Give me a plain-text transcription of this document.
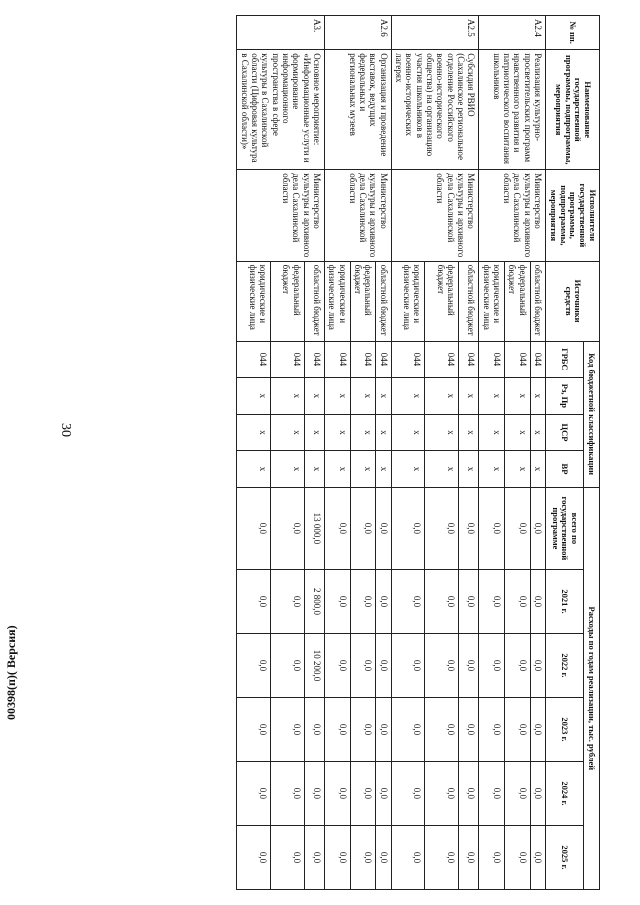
30
00398(п)( Версия)
№ пп.	Наименование государственной программы, подпрограммы, мероприятия	Исполнители государственной программы, подпрограммы, мероприятия	Источники средств	Код бюджетной классификации				Расходы по годам реализации, тыс. рублей					
				ГРБС	Рз, Пр	ЦСР	ВР	всего по государственной программе	2021 г.	2022 г.	2023 г.	2024 г.	2025 г.
А2.4	Реализация культурно-просветительских программ нравственного развития и патриотического воспитания школьников	Министерство культуры и архивного дела Сахалинской области	областной бюджет	044	x	x	x	0,0	0,0	0,0	0,0	0,0	0,0
			федеральный бюджет	044	x	x	x	0,0	0,0	0,0	0,0	0,0	0,0
			юридические и физические лица	044	x	x	x	0,0	0,0	0,0	0,0	0,0	0,0
А2.5	Субсидия РВИО (Сахалинское региональное отделение Российского военно-исторического общества) на организацию участия школьников в военно-исторических лагерях	Министерство культуры и архивного дела Сахалинской области	областной бюджет	044	x	x	x	0,0	0,0	0,0	0,0	0,0	0,0
			федеральный бюджет	044	x	x	x	0,0	0,0	0,0	0,0	0,0	0,0
			юридические и физические лица	044	x	x	x	0,0	0,0	0,0	0,0	0,0	0,0
А2.6	Организация и проведение выставок, ведущих федеральных и региональных музеев	Министерство культуры и архивного дела Сахалинской области	областной бюджет	044	x	x	x	0,0	0,0	0,0	0,0	0,0	0,0
			федеральный бюджет	044	x	x	x	0,0	0,0	0,0	0,0	0,0	0,0
			юридические и физические лица	044	x	x	x	0,0	0,0	0,0	0,0	0,0	0,0
А3.	Основное мероприятие: «Информационные услуги и формирование информационного пространства в сфере культуры в Сахалинской области (Цифровая культура в Сахалинской области)»	Министерство культуры и архивного дела Сахалинской области	областной бюджет	044	x	x	x	13 000,0	2 800,0	10 200,0	0,0	0,0	0,0
			федеральный бюджет	044	x	x	x	0,0	0,0	0,0	0,0	0,0	0,0
			юридические и физические лица	044	x	x	x	0,0	0,0	0,0	0,0	0,0	0,0
